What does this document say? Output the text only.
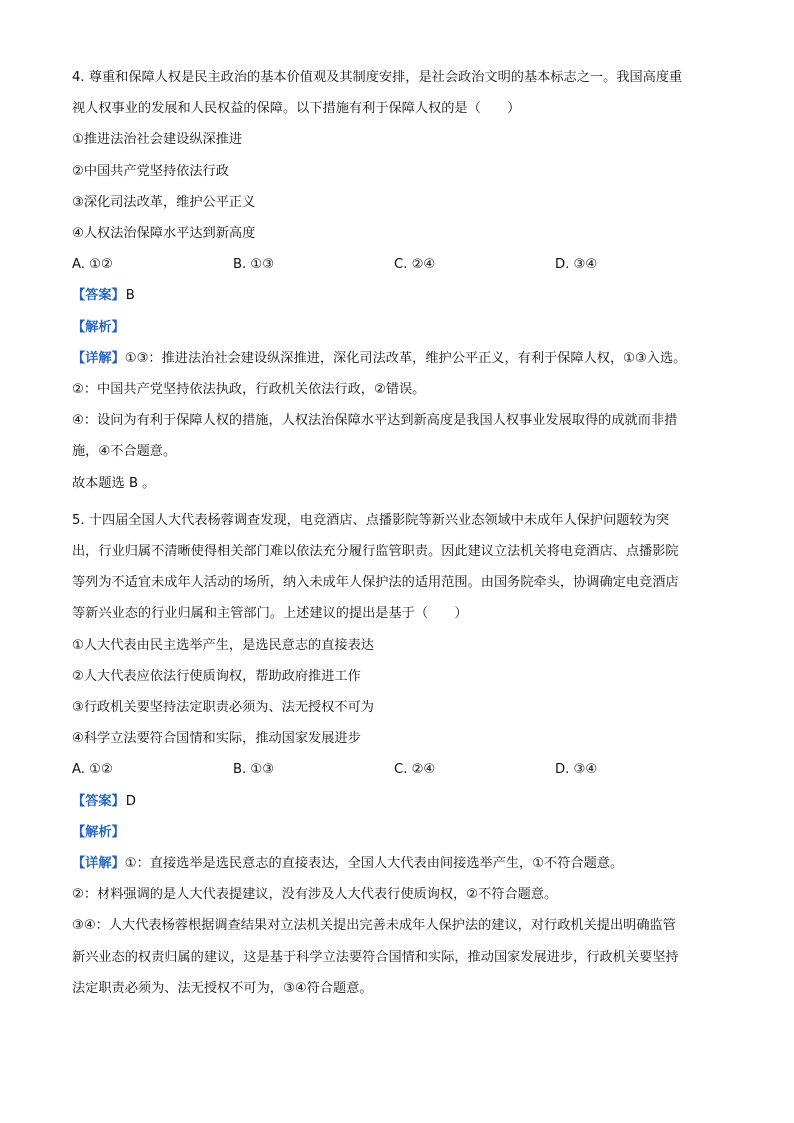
4. 尊重和保障人权是民主政治的基本价值观及其制度安排，是社会政治文明的基本标志之一。我国高度重
视人权事业的发展和人民权益的保障。以下措施有利于保障人权的是（　　）
①推进法治社会建设纵深推进
②中国共产党坚持依法行政
③深化司法改革，维护公平正义
④人权法治保障水平达到新高度
A. ①②	B. ①③	C. ②④	D. ③④
【答案】B
【解析】
【详解】①③：推进法治社会建设纵深推进，深化司法改革，维护公平正义，有利于保障人权，①③入选。
②：中国共产党坚持依法执政，行政机关依法行政，②错误。
④：设问为有利于保障人权的措施，人权法治保障水平达到新高度是我国人权事业发展取得的成就而非措
施，④不合题意。
故本题选 B 。
5. 十四届全国人大代表杨蓉调查发现，电竞酒店、点播影院等新兴业态领域中未成年人保护问题较为突
出，行业归属不清晰使得相关部门难以依法充分履行监管职责。因此建议立法机关将电竞酒店、点播影院
等列为不适宜未成年人活动的场所，纳入未成年人保护法的适用范围。由国务院牵头，协调确定电竞酒店
等新兴业态的行业归属和主管部门。上述建议的提出是基于（　　）
①人大代表由民主选举产生，是选民意志的直接表达
②人大代表应依法行使质询权，帮助政府推进工作
③行政机关要坚持法定职责必须为、法无授权不可为
④科学立法要符合国情和实际，推动国家发展进步
A. ①②	B. ①③	C. ②④	D. ③④
【答案】D
【解析】
【详解】①：直接选举是选民意志的直接表达，全国人大代表由间接选举产生，①不符合题意。
②：材料强调的是人大代表提建议，没有涉及人大代表行使质询权，②不符合题意。
③④：人大代表杨蓉根据调查结果对立法机关提出完善未成年人保护法的建议，对行政机关提出明确监管
新兴业态的权责归属的建议，这是基于科学立法要符合国情和实际，推动国家发展进步，行政机关要坚持
法定职责必须为、法无授权不可为，③④符合题意。
